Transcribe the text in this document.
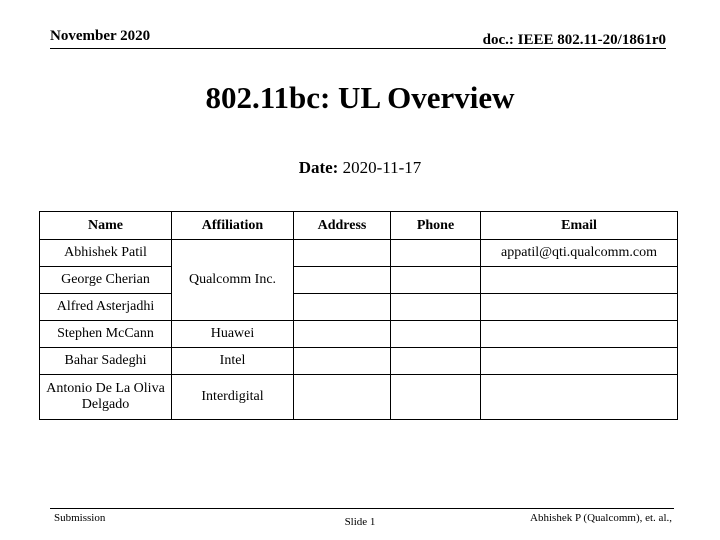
November 2020	doc.: IEEE 802.11-20/1861r0
802.11bc: UL Overview
Date: 2020-11-17
Name	Affiliation	Address	Phone	Email
Abhishek Patil	Qualcomm Inc.			appatil@qti.qualcomm.com
George Cherian				
Alfred Asterjadhi				
Stephen McCann	Huawei			
Bahar Sadeghi	Intel			
Antonio De La Oliva Delgado	Interdigital			
Submission	Slide 1	Abhishek P (Qualcomm), et. al.,
